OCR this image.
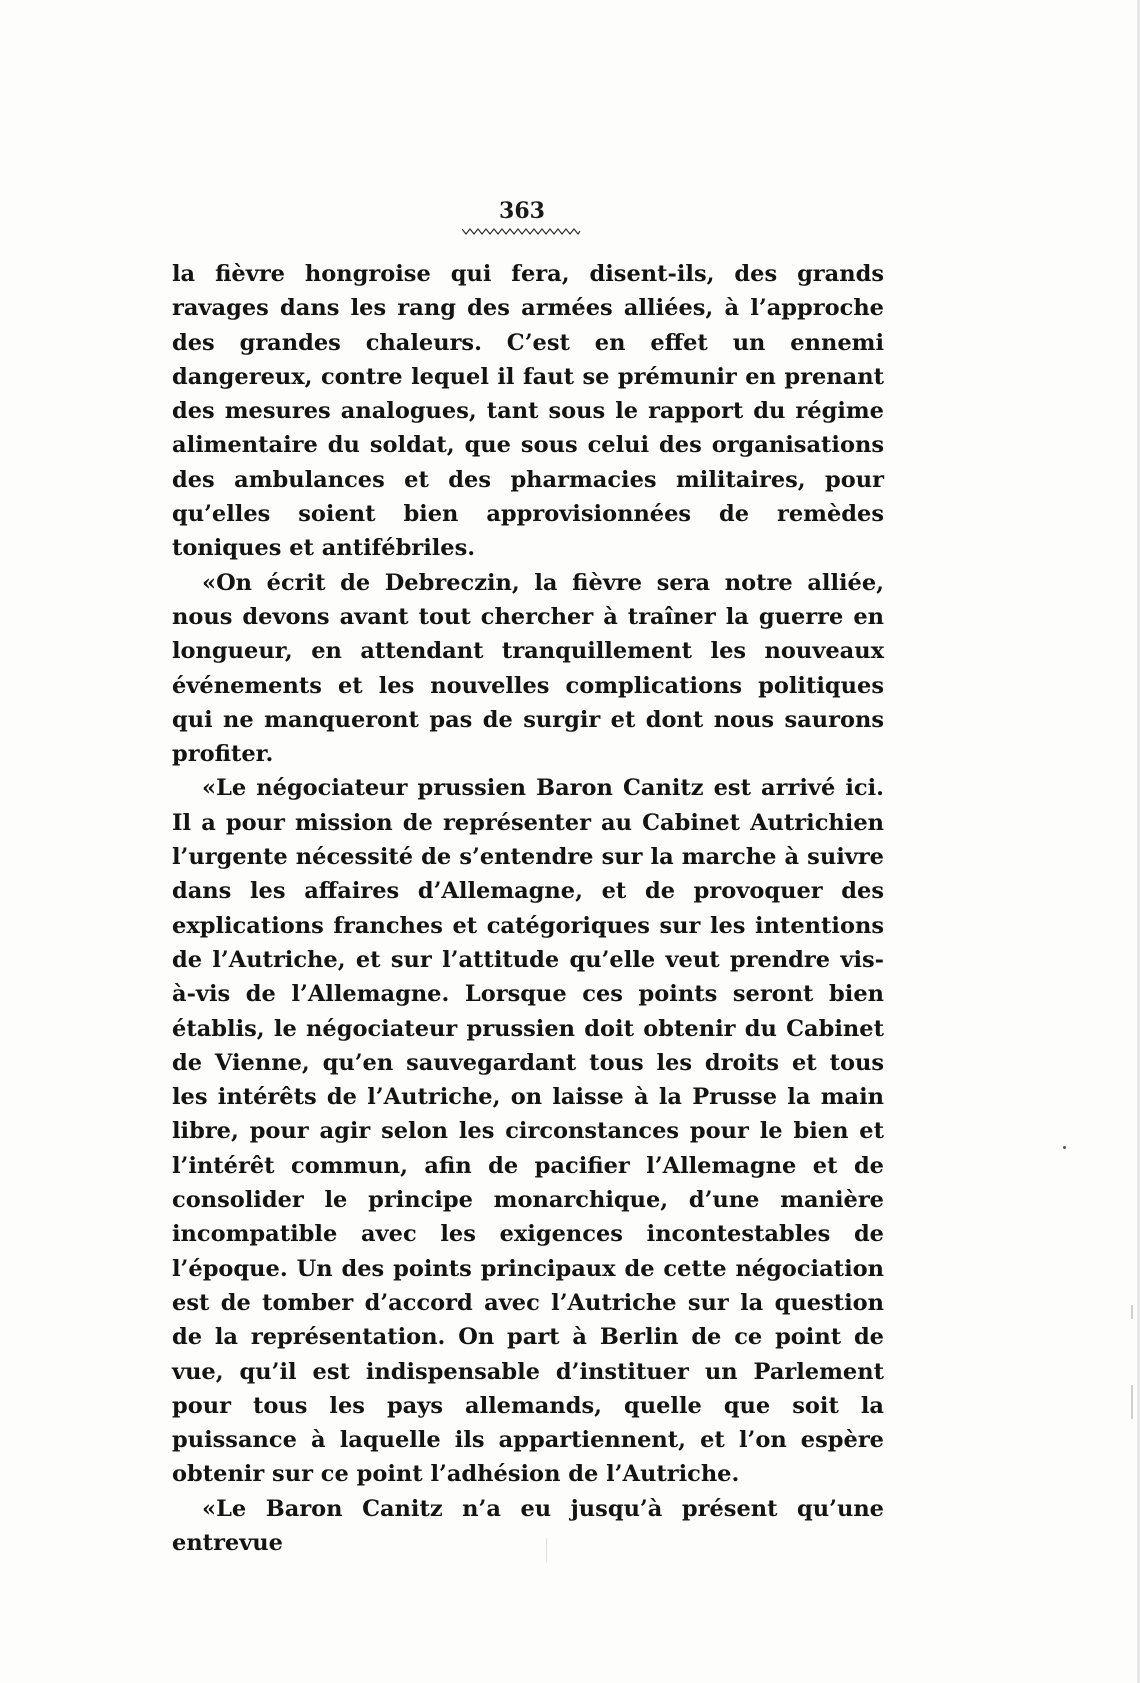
363

la fièvre hongroise qui fera, disent-ils, des grands ravages dans les rang des armées alliées, à l’approche des grandes chaleurs. C’est en effet un ennemi dangereux, contre lequel il faut se prémunir en prenant des mesures analogues, tant sous le rapport du régime alimentaire du soldat, que sous celui des organisations des ambulances et des pharmacies militaires, pour qu’elles soient bien approvisionnées de remèdes toniques et antifébriles.

«On écrit de Debreczin, la fièvre sera notre alliée, nous devons avant tout chercher à traîner la guerre en longueur, en attendant tranquillement les nouveaux événements et les nouvelles complications politiques qui ne manqueront pas de surgir et dont nous saurons profiter.

«Le négociateur prussien Baron Canitz est arrivé ici. Il a pour mission de représenter au Cabinet Autrichien l’urgente nécessité de s’entendre sur la marche à suivre dans les affaires d’Allemagne, et de provoquer des explications franches et catégoriques sur les intentions de l’Autriche, et sur l’attitude qu’elle veut prendre vis-à-vis de l’Allemagne. Lorsque ces points seront bien établis, le négociateur prussien doit obtenir du Cabinet de Vienne, qu’en sauvegardant tous les droits et tous les intérêts de l’Autriche, on laisse à la Prusse la main libre, pour agir selon les circonstances pour le bien et l’intérêt commun, afin de pacifier l’Allemagne et de consolider le principe monarchique, d’une manière incompatible avec les exigences incontestables de l’époque. Un des points principaux de cette négociation est de tomber d’accord avec l’Autriche sur la question de la représentation. On part à Berlin de ce point de vue, qu’il est indispensable d’instituer un Parlement pour tous les pays allemands, quelle que soit la puissance à laquelle ils appartiennent, et l’on espère obtenir sur ce point l’adhésion de l’Autriche.

«Le Baron Canitz n’a eu jusqu’à présent qu’une entrevue
